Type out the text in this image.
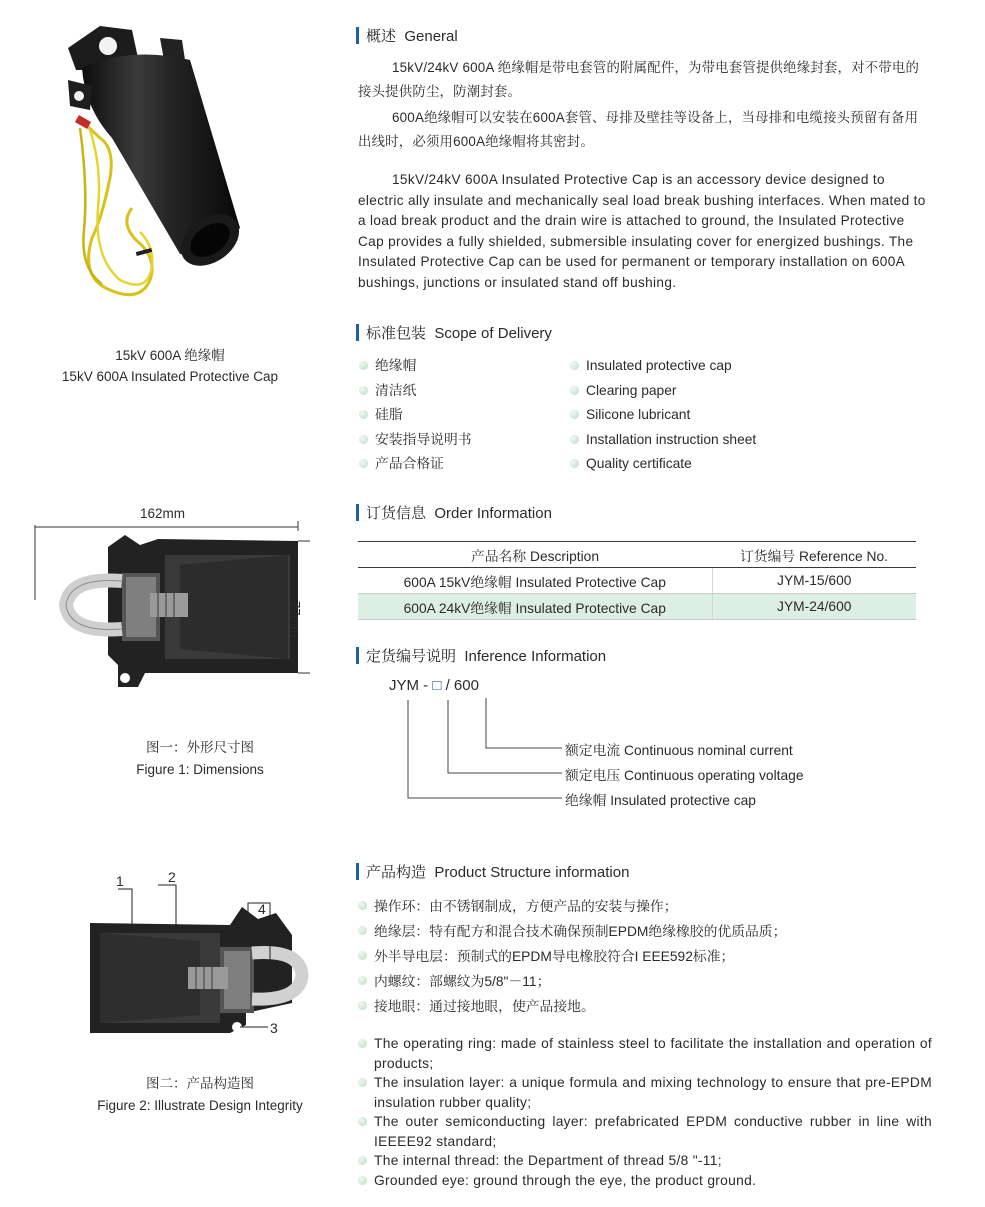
15kV 600A 绝缘帽
15kV 600A Insulated Protective Cap
162mm
77mm
图一：外形尺寸图
Figure 1: Dimensions
1	2
3
4
图二：产品构造图
Figure 2: Illustrate Design Integrity
概述 General
15kV/24kV 600A 绝缘帽是带电套管的附属配件，为带电套管提供绝缘封套，对不带电的接头提供防尘，防潮封套。
600A绝缘帽可以安装在600A套管、母排及壁挂等设备上，当母排和电缆接头预留有备用出线时，必须用600A绝缘帽将其密封。
15kV/24kV 600A Insulated Protective Cap is an accessory device designed to electric ally insulate and mechanically seal load break bushing interfaces. When mated to a load break product and the drain wire is attached to ground, the Insulated Protective Cap provides a fully shielded, submersible insulating cover for energized bushings. The Insulated Protective Cap can be used for permanent or temporary installation on 600A bushings, junctions or insulated stand off bushing.
标准包装 Scope of Delivery
绝缘帽
清洁纸
硅脂
安装指导说明书
产品合格证
Insulated protective cap
Clearing paper
Silicone lubricant
Installation instruction sheet
Quality certificate
订货信息 Order Information
产品名称 Description	订货编号 Reference No.
600A 15kV绝缘帽 Insulated Protective Cap	JYM-15/600
600A 24kV绝缘帽 Insulated Protective Cap	JYM-24/600
定货编号说明 Inference Information
JYM - □ / 600
额定电流 Continuous nominal current
额定电压 Continuous operating voltage
绝缘帽 Insulated protective cap
产品构造 Product Structure information
操作环：由不锈钢制成，方便产品的安装与操作；
绝缘层：特有配方和混合技术确保预制EPDM绝缘橡胶的优质品质；
外半导电层：预制式的EPDM导电橡胶符合I EEE592标准；
内螺纹：部螺纹为5/8"－11；
接地眼：通过接地眼，使产品接地。
The operating ring: made of stainless steel to facilitate the installation and operation of products;
The insulation layer: a unique formula and mixing technology to ensure that pre-EPDM insulation rubber quality;
The outer semiconducting layer: prefabricated EPDM conductive rubber in line with IEEEE92 standard;
The internal thread: the Department of thread 5/8 "-11;
Grounded eye: ground through the eye, the product ground.
